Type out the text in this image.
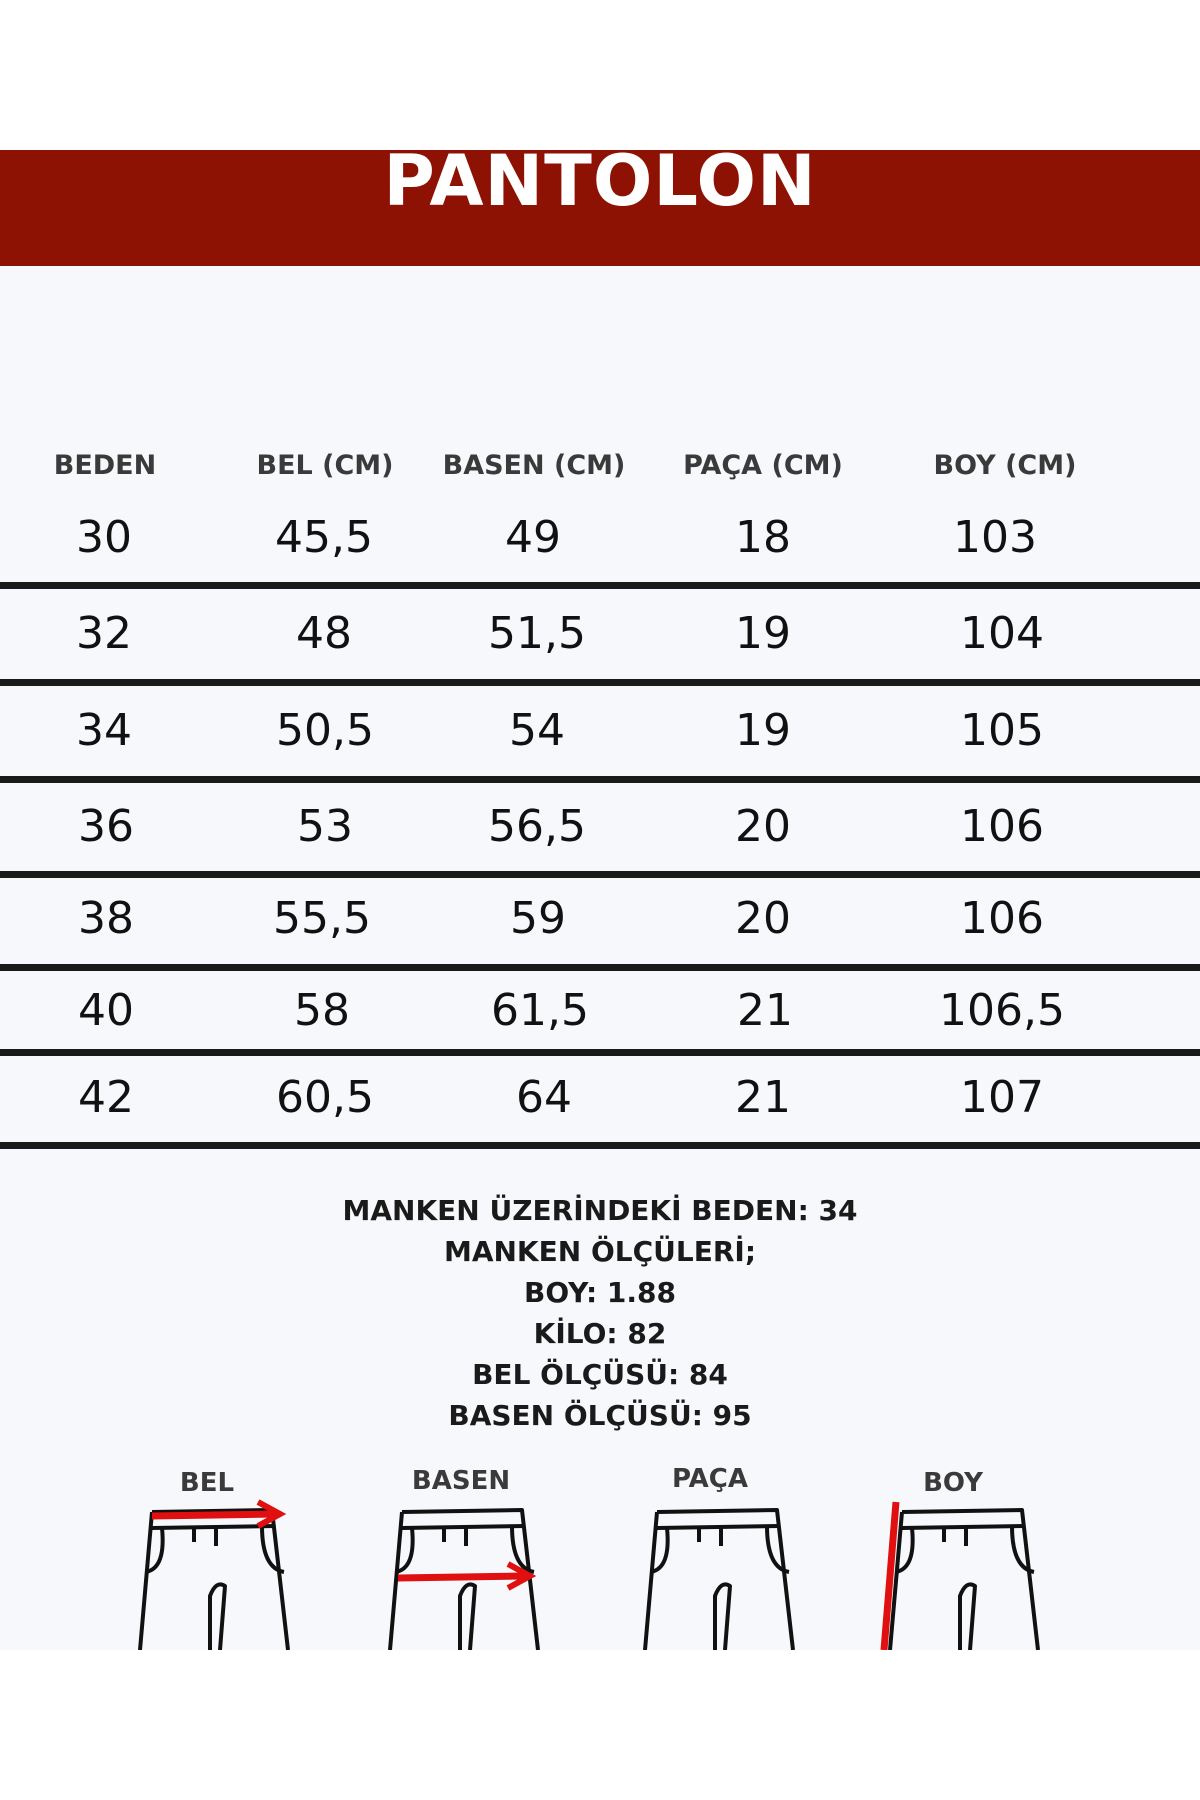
PANTOLON
BEDEN	BEL (CM)	BASEN (CM)	PAÇA (CM)	BOY (CM)
30	45,5	49	18	103
32	48	51,5	19	104
34	50,5	54	19	105
36	53	56,5	20	106
38	55,5	59	20	106
40	58	61,5	21	106,5
42	60,5	64	21	107
MANKEN ÜZERİNDEKİ BEDEN: 34
MANKEN ÖLÇÜLERİ;
BOY: 1.88
KİLO: 82
BEL ÖLÇÜSÜ: 84
BASEN ÖLÇÜSÜ: 95
BEL	BASEN	PAÇA	BOY
